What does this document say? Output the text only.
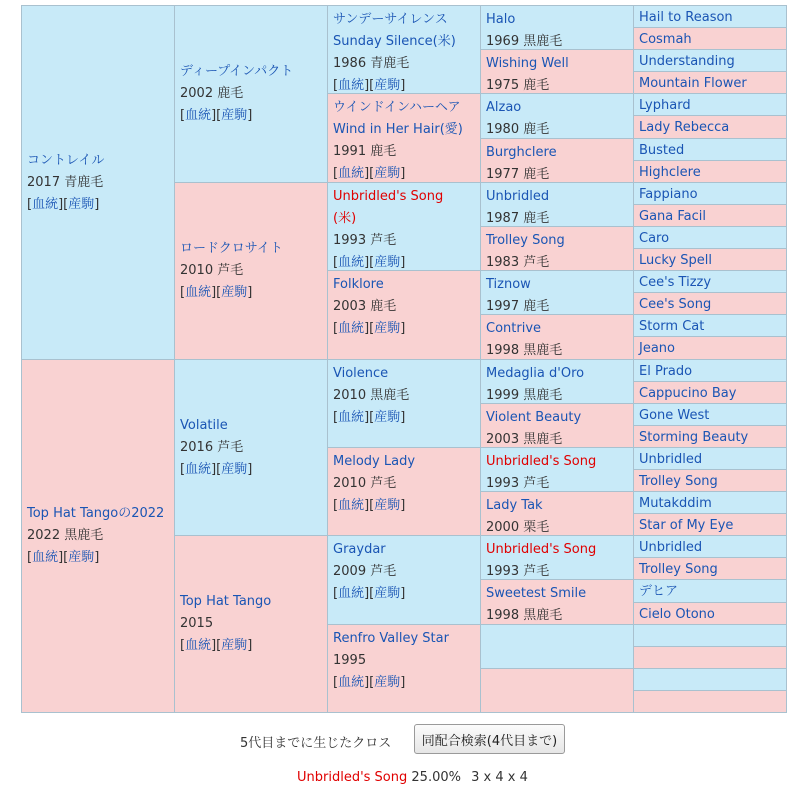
コントレイル
2017 青鹿毛
[血統][産駒]
ディープインパクト
2002 鹿毛
[血統][産駒]
サンデーサイレンス
Sunday Silence(米)
1986 青鹿毛
[血統][産駒]
Halo
1969 黒鹿毛
Hail to Reason
Cosmah
Wishing Well
1975 鹿毛
Understanding
Mountain Flower
ウインドインハーヘア
Wind in Her Hair(愛)
1991 鹿毛
[血統][産駒]
Alzao
1980 鹿毛
Lyphard
Lady Rebecca
Burghclere
1977 鹿毛
Busted
Highclere
ロードクロサイト
2010 芦毛
[血統][産駒]
Unbridled's Song
(米)
1993 芦毛
[血統][産駒]
Unbridled
1987 鹿毛
Fappiano
Gana Facil
Trolley Song
1983 芦毛
Caro
Lucky Spell
Folklore
2003 鹿毛
[血統][産駒]
Tiznow
1997 鹿毛
Cee's Tizzy
Cee's Song
Contrive
1998 黒鹿毛
Storm Cat
Jeano
Top Hat Tangoの2022
2022 黒鹿毛
[血統][産駒]
Volatile
2016 芦毛
[血統][産駒]
Violence
2010 黒鹿毛
[血統][産駒]
Medaglia d'Oro
1999 黒鹿毛
El Prado
Cappucino Bay
Violent Beauty
2003 黒鹿毛
Gone West
Storming Beauty
Melody Lady
2010 芦毛
[血統][産駒]
Unbridled's Song
1993 芦毛
Unbridled
Trolley Song
Lady Tak
2000 栗毛
Mutakddim
Star of My Eye
Top Hat Tango
2015
[血統][産駒]
Graydar
2009 芦毛
[血統][産駒]
Unbridled's Song
1993 芦毛
Unbridled
Trolley Song
Sweetest Smile
1998 黒鹿毛
デヒア
Cielo Otono
Renfro Valley Star
1995
[血統][産駒]
5代目までに生じたクロス	同配合検索(4代目まで)
Unbridled's Song 25.00% 3 x 4 x 4
